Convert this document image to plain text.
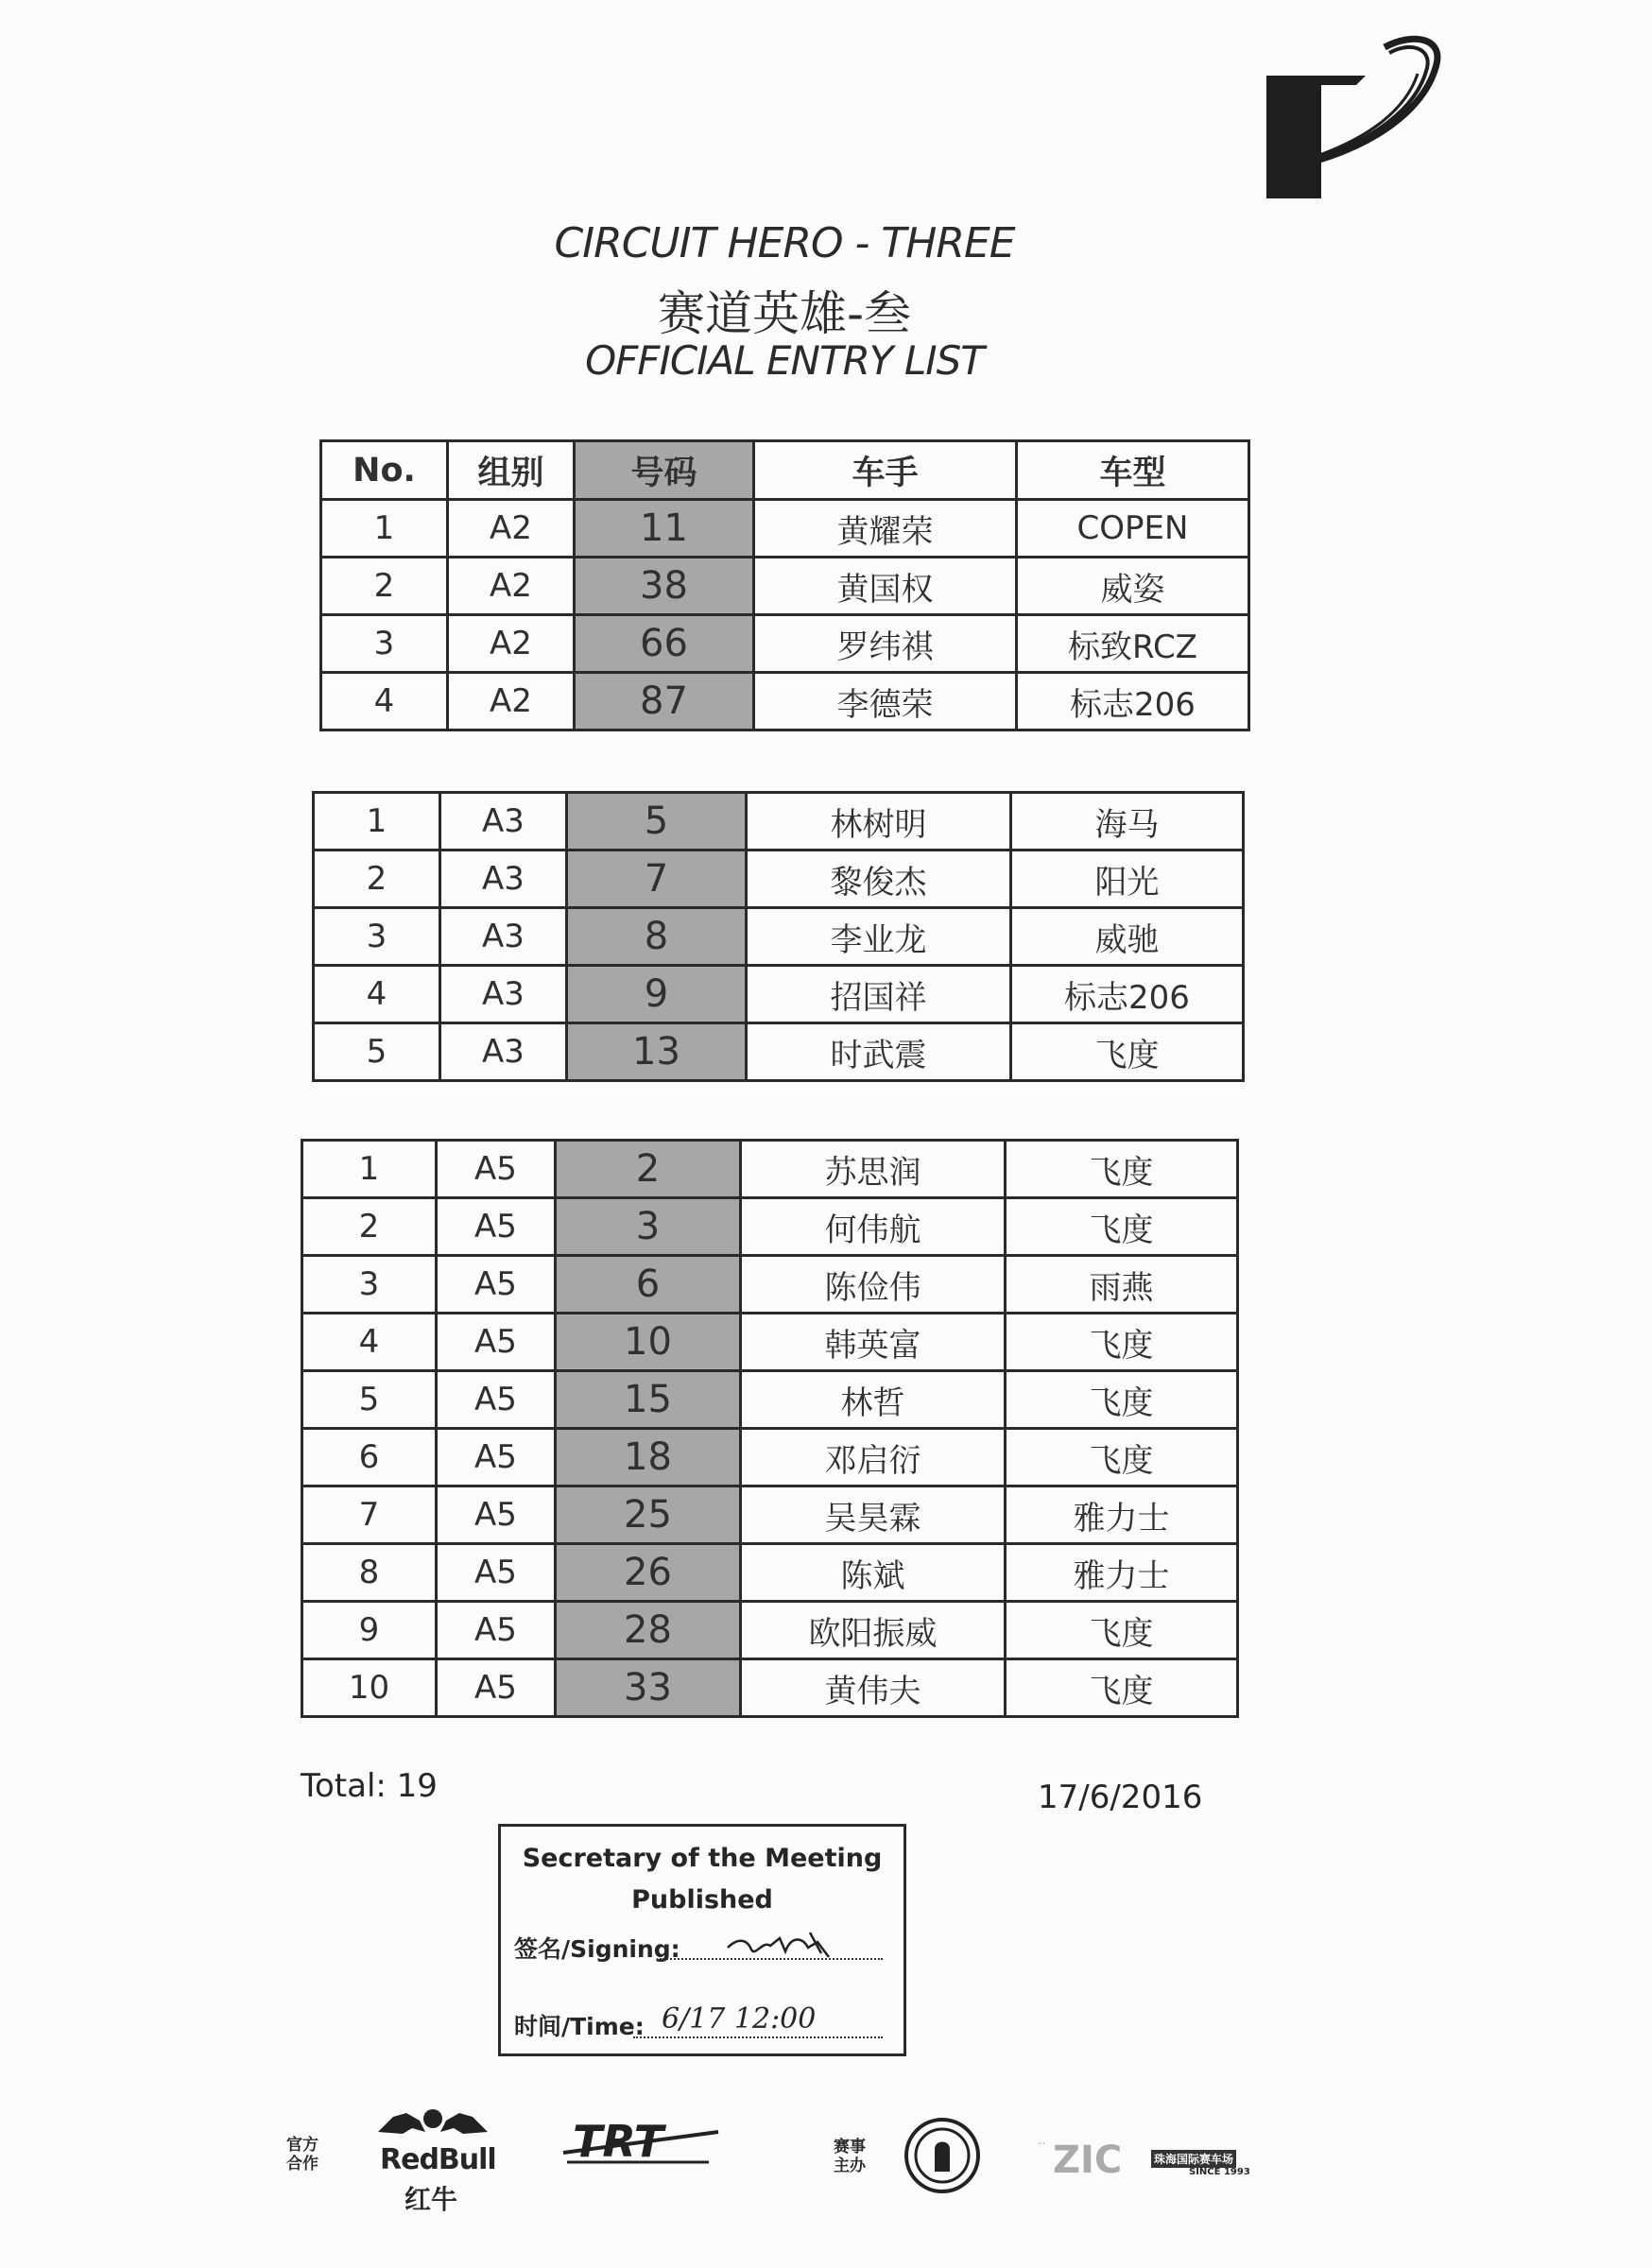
CIRCUIT HERO - THREE
赛道英雄-叁
OFFICIAL ENTRY LIST
No.	组别	号码	车手	车型
1	A2	11	黄耀荣	COPEN
2	A2	38	黄国权	威姿
3	A2	66	罗纬祺	标致RCZ
4	A2	87	李德荣	标志206
1	A3	5	林树明	海马
2	A3	7	黎俊杰	阳光
3	A3	8	李业龙	威驰
4	A3	9	招国祥	标志206
5	A3	13	时武震	飞度
1	A5	2	苏思润	飞度
2	A5	3	何伟航	飞度
3	A5	6	陈俭伟	雨燕
4	A5	10	韩英富	飞度
5	A5	15	林哲	飞度
6	A5	18	邓启衍	飞度
7	A5	25	吴昊霖	雅力士
8	A5	26	陈斌	雅力士
9	A5	28	欧阳振威	飞度
10	A5	33	黄伟夫	飞度
Total: 19	17/6/2016
Secretary of the Meeting
Published
签名/Signing:
时间/Time: 6/17 12:00
官方合作 RedBull
红牛
TRT	赛事主办
··· ZIC	珠海国际赛车场
SINCE 1993
